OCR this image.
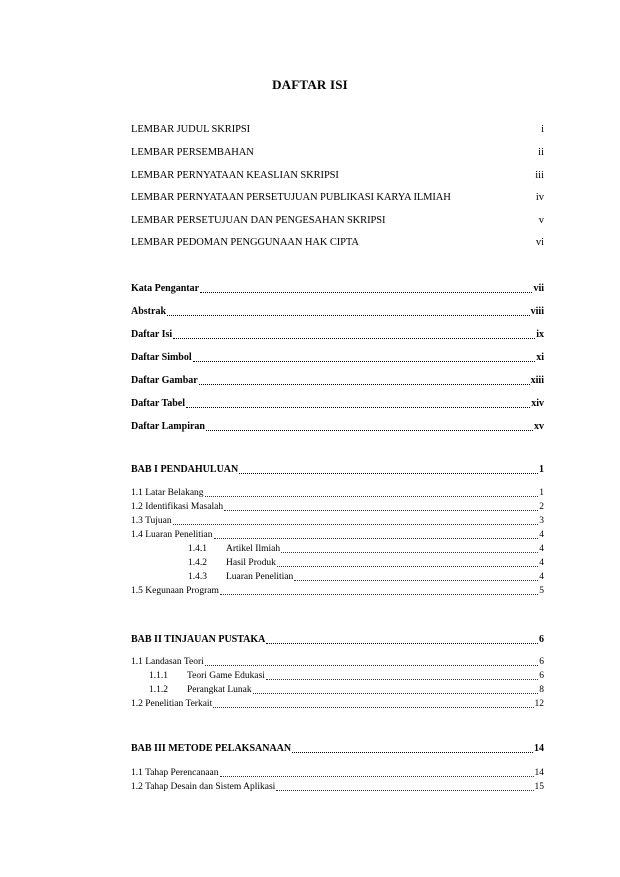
DAFTAR ISI
LEMBAR JUDUL SKRIPSI	i
LEMBAR PERSEMBAHAN	ii
LEMBAR PERNYATAAN KEASLIAN SKRIPSI	iii
LEMBAR PERNYATAAN PERSETUJUAN PUBLIKASI KARYA ILMIAH	iv
LEMBAR PERSETUJUAN DAN PENGESAHAN SKRIPSI	v
LEMBAR PEDOMAN PENGGUNAAN HAK CIPTA	vi
Kata Pengantar	vii
Abstrak	viii
Daftar Isi	ix
Daftar Simbol	xi
Daftar Gambar	xiii
Daftar Tabel	xiv
Daftar Lampiran	xv
BAB I PENDAHULUAN	1
1.1 Latar Belakang	1
1.2 Identifikasi Masalah	2
1.3 Tujuan	3
1.4 Luaran Penelitian	4
1.4.1 Artikel Ilmiah	4
1.4.2 Hasil Produk	4
1.4.3 Luaran Penelitian	4
1.5 Kegunaan Program	5
BAB II TINJAUAN PUSTAKA	6
1.1 Landasan Teori	6
1.1.1 Teori Game Edukasi	6
1.1.2 Perangkat Lunak	8
1.2 Penelitian Terkait	12
BAB III METODE PELAKSANAAN	14
1.1 Tahap Perencanaan	14
1.2 Tahap Desain dan Sistem Aplikasi	15
